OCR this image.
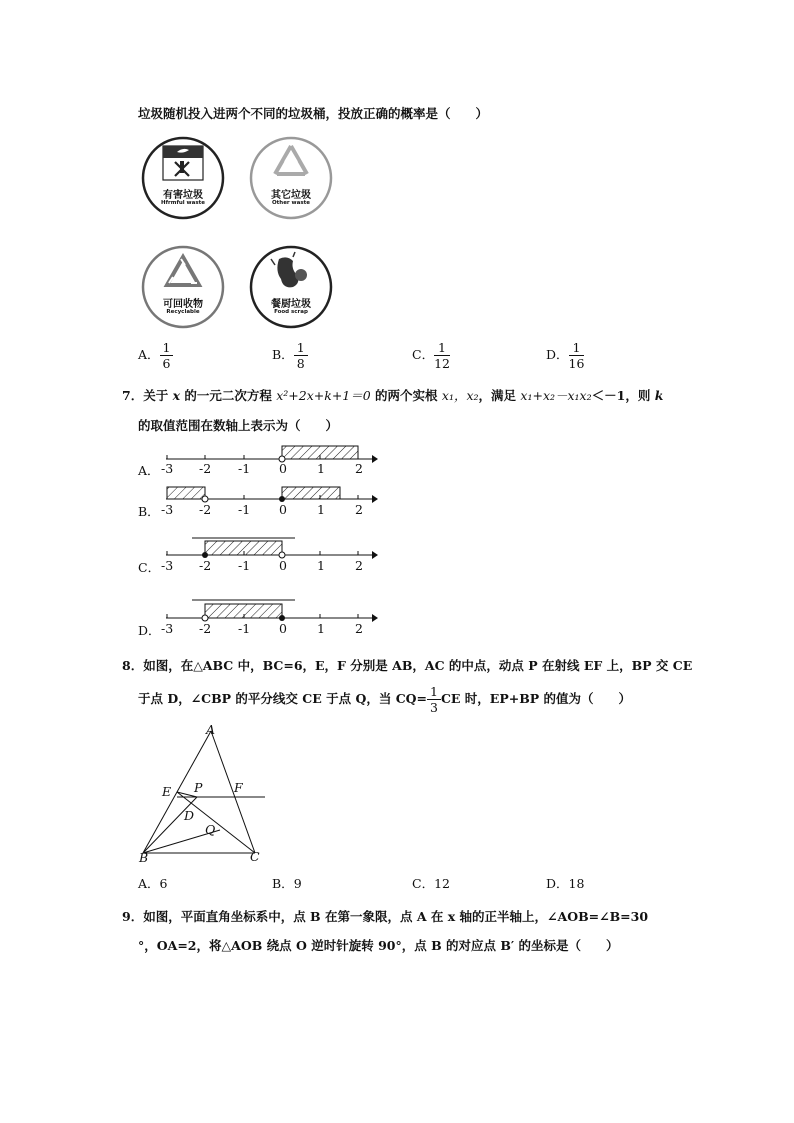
垃圾随机投入进两个不同的垃圾桶，投放正确的概率是（　　）
有害垃圾
Hfrmful waste
其它垃圾
Other waste
可回收物
Recyclable
餐厨垃圾
Food scrap
A． $\frac{1}{6}$	B． $\frac{1}{8}$	C． $\frac{1}{12}$	D． $\frac{1}{16}$
7．关于 x 的一元二次方程 x²+2x+k+1＝0 的两个实根 x₁，x₂，满足 x₁+x₂－x₁x₂＜－1，则 k
的取值范围在数轴上表示为（　　）
A．
B．
C．
D．
-3 -2 -1 0 1 2
-3 -2 -1 0 1 2
-3 -2 -1 0 1 2
-3 -2 -1 0 1 2
8．如图，在△ABC 中，BC=6，E，F 分别是 AB，AC 的中点，动点 P 在射线 EF 上，BP 交 CE
于点 D，∠CBP 的平分线交 CE 于点 Q，当 $CQ= \frac{1}{3}$ CE 时，EP+BP 的值为（　　）
A
E P	F
D
Q
B	C
A．6	B．9	C．12	D．18
9．如图，平面直角坐标系中，点 B 在第一象限，点 A 在 x 轴的正半轴上，∠AOB=∠B=30
°，OA=2，将△AOB 绕点 O 逆时针旋转 90°，点 B 的对应点 B′ 的坐标是（　　）
